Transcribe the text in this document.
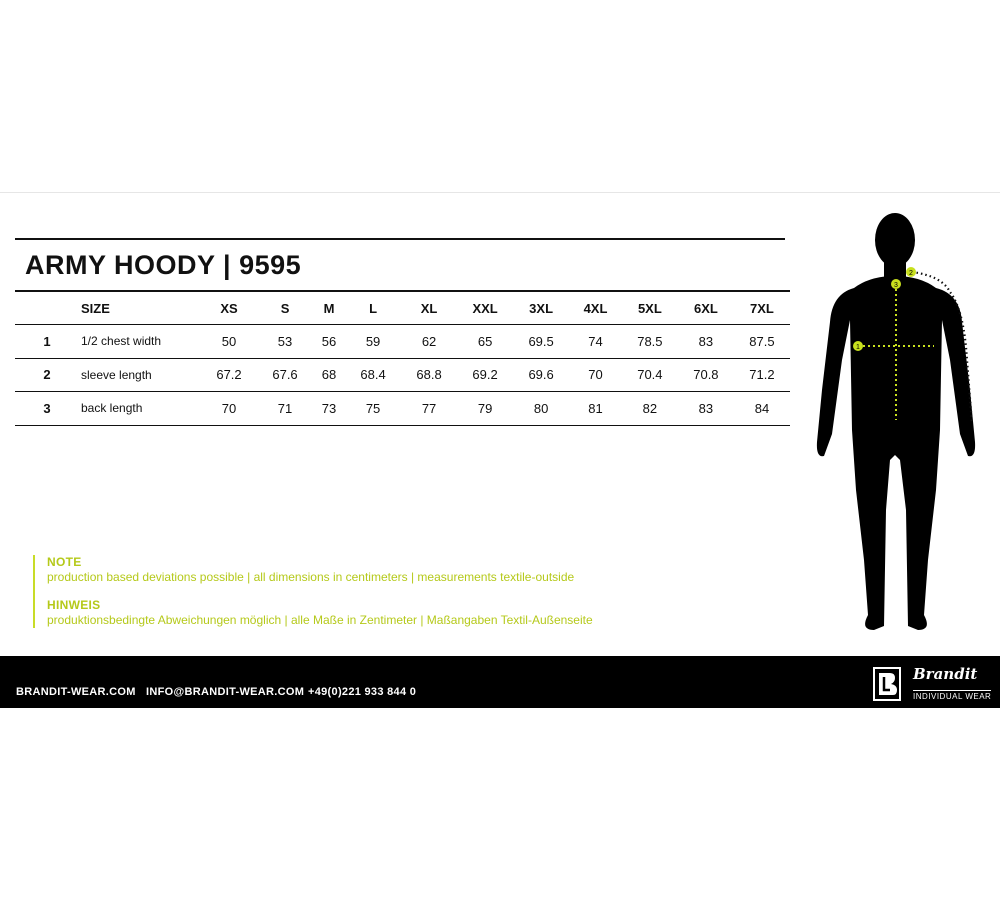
ARMY HOODY | 9595
	SIZE	XS	S	M	L	XL	XXL	3XL	4XL	5XL	6XL	7XL
1	1/2 chest width	50	53	56	59	62	65	69.5	74	78.5	83	87.5
2	sleeve length	67.2	67.6	68	68.4	68.8	69.2	69.6	70	70.4	70.8	71.2
3	back length	70	71	73	75	77	79	80	81	82	83	84
NOTE
production based deviations possible | all dimensions in centimeters | measurements textile-outside
HINWEIS
produktionsbedingte Abweichungen möglich | alle Maße in Zentimeter | Maßangaben Textil-Außenseite
1
2
3
BRANDIT-WEAR.COM INFO@BRANDIT-WEAR.COM +49(0)221 933 844 0
Brandit
INDIVIDUAL WEAR
